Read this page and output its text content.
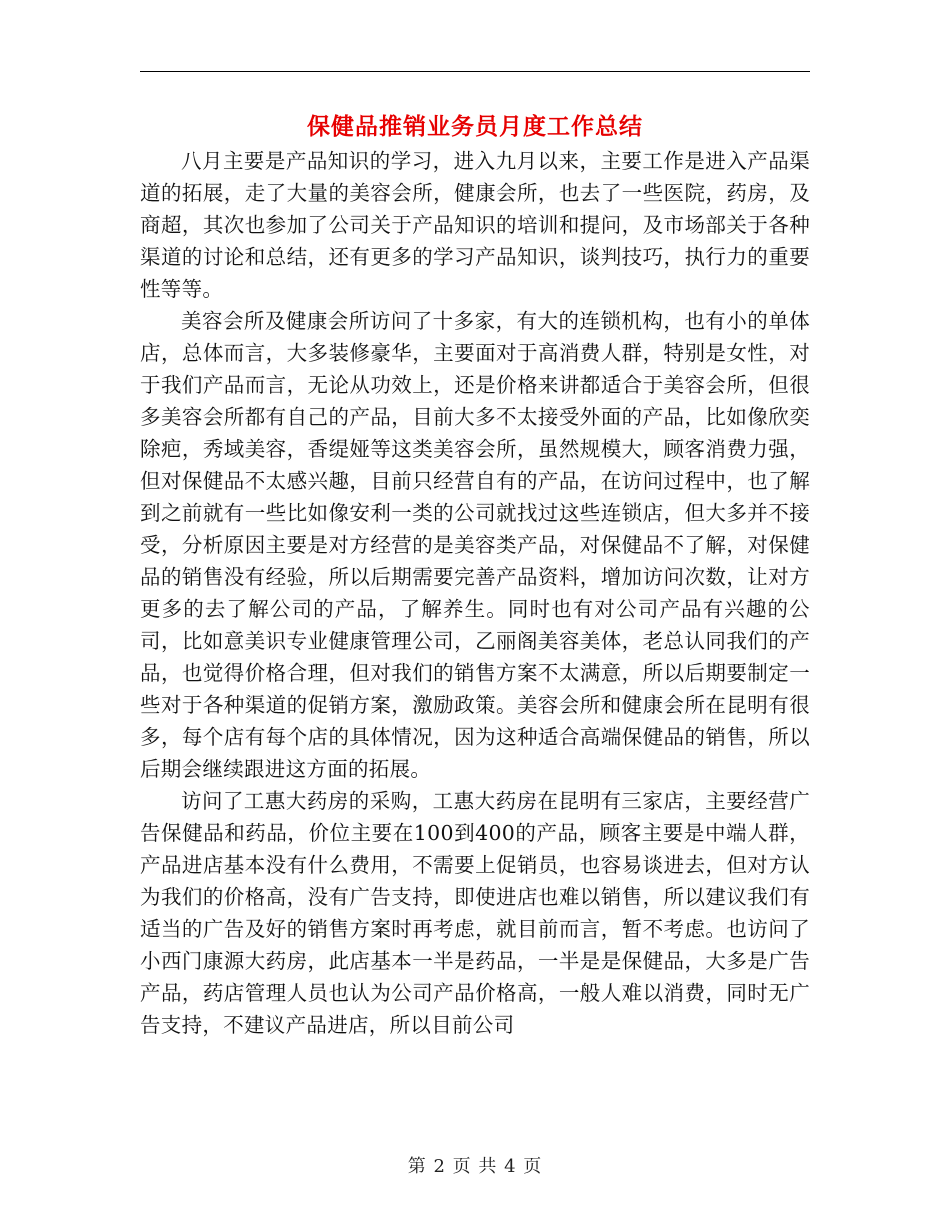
保健品推销业务员月度工作总结

八月主要是产品知识的学习，进入九月以来，主要工作是进入产品渠道的拓展，走了大量的美容会所，健康会所，也去了一些医院，药房，及商超，其次也参加了公司关于产品知识的培训和提问，及市场部关于各种渠道的讨论和总结，还有更多的学习产品知识，谈判技巧，执行力的重要性等等。

美容会所及健康会所访问了十多家，有大的连锁机构，也有小的单体店，总体而言，大多装修豪华，主要面对于高消费人群，特别是女性，对于我们产品而言，无论从功效上，还是价格来讲都适合于美容会所，但很多美容会所都有自己的产品，目前大多不太接受外面的产品，比如像欣奕除疤，秀域美容，香缇娅等这类美容会所，虽然规模大，顾客消费力强，但对保健品不太感兴趣，目前只经营自有的产品，在访问过程中，也了解到之前就有一些比如像安利一类的公司就找过这些连锁店，但大多并不接受，分析原因主要是对方经营的是美容类产品，对保健品不了解，对保健品的销售没有经验，所以后期需要完善产品资料，增加访问次数，让对方更多的去了解公司的产品，了解养生。同时也有对公司产品有兴趣的公司，比如意美识专业健康管理公司，乙丽阁美容美体，老总认同我们的产品，也觉得价格合理，但对我们的销售方案不太满意，所以后期要制定一些对于各种渠道的促销方案，激励政策。美容会所和健康会所在昆明有很多，每个店有每个店的具体情况，因为这种适合高端保健品的销售，所以后期会继续跟进这方面的拓展。

访问了工惠大药房的采购，工惠大药房在昆明有三家店，主要经营广告保健品和药品，价位主要在100到400的产品，顾客主要是中端人群，产品进店基本没有什么费用，不需要上促销员，也容易谈进去，但对方认为我们的价格高，没有广告支持，即使进店也难以销售，所以建议我们有适当的广告及好的销售方案时再考虑，就目前而言，暂不考虑。也访问了小西门康源大药房，此店基本一半是药品，一半是是保健品，大多是广告产品，药店管理人员也认为公司产品价格高，一般人难以消费，同时无广告支持，不建议产品进店，所以目前公司

第 2 页 共 4 页
